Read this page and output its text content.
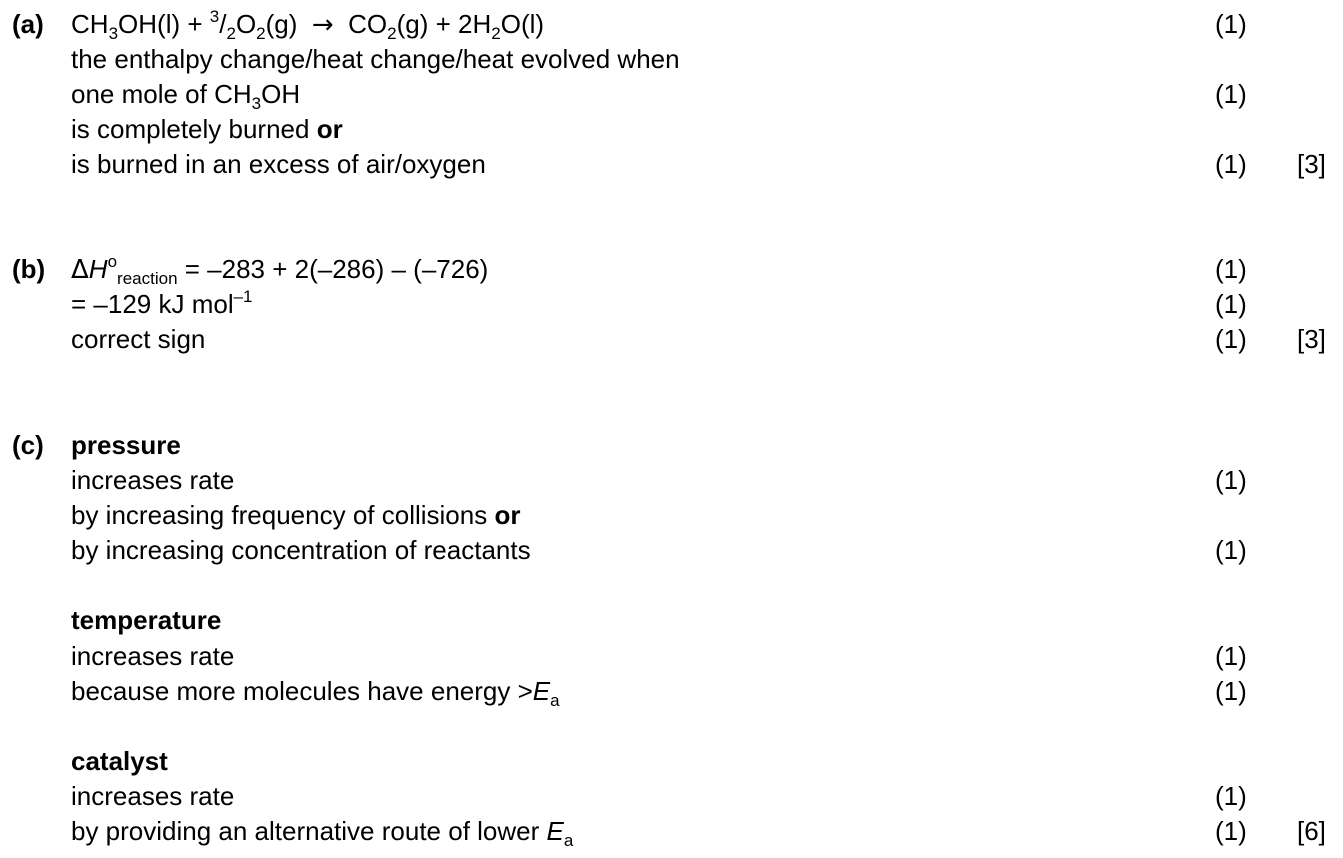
(a) $CH_3OH(l) + ^3/_2O_2(g) \to CO_2(g) + 2H_2O(l)$	(1)
the enthalpy change/heat change/heat evolved when
one mole of $CH_3OH$	(1)
is completely burned or
is burned in an excess of air/oxygen	(1) [3]
(b) $\Delta H^o_{reaction} = -283 + 2(-286) - (-726)$	(1)
= –129 kJ mol$^{-1}$	(1)
correct sign	(1) [3]
(c) pressure
increases rate	(1)
by increasing frequency of collisions or
by increasing concentration of reactants	(1)
temperature
increases rate	(1)
because more molecules have energy $>E_a$	(1)
catalyst
increases rate	(1)
by providing an alternative route of lower $E_a$	(1) [6]
